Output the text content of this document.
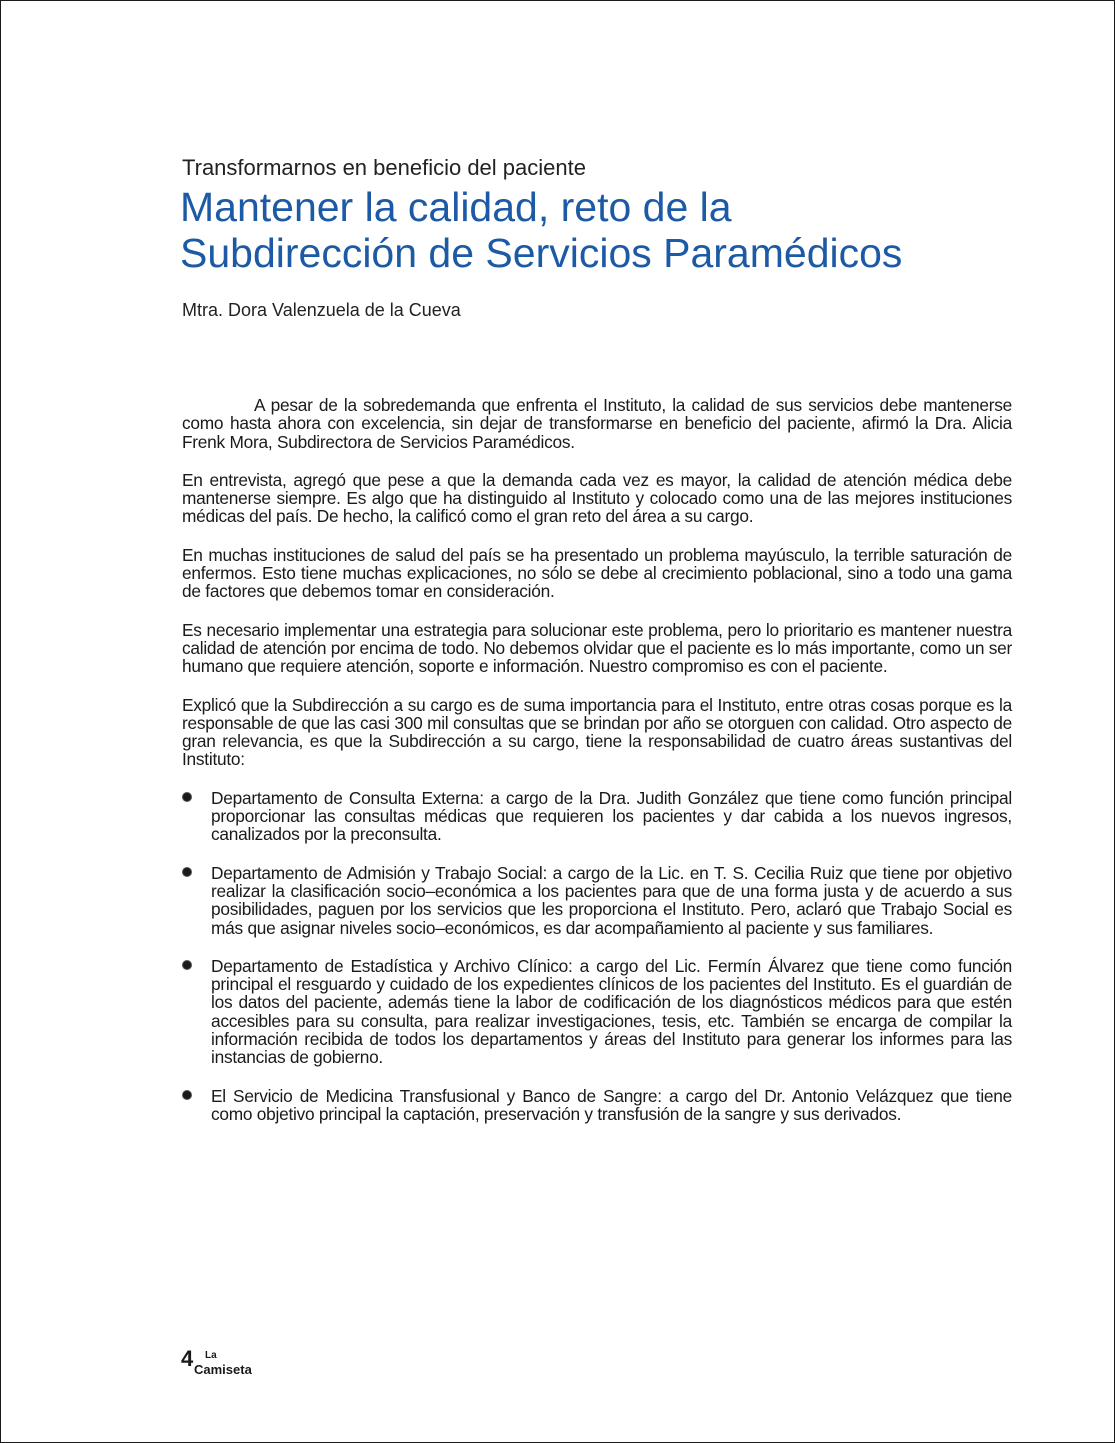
Transformarnos en beneficio del paciente
Mantener la calidad, reto de la
Subdirección de Servicios Paramédicos
Mtra. Dora Valenzuela de la Cueva

A pesar de la sobredemanda que enfrenta el Instituto, la calidad de sus servicios debe mantenerse como hasta ahora con excelencia, sin dejar de transformarse en beneficio del paciente, afirmó la Dra. Alicia Frenk Mora, Subdirectora de Servicios Paramédicos.

En entrevista, agregó que pese a que la demanda cada vez es mayor, la calidad de atención médica debe mantenerse siempre. Es algo que ha distinguido al Instituto y colocado como una de las mejores instituciones médicas del país. De hecho, la calificó como el gran reto del área a su cargo.

En muchas instituciones de salud del país se ha presentado un problema mayúsculo, la terrible saturación de enfermos. Esto tiene muchas explicaciones, no sólo se debe al crecimiento poblacional, sino a todo una gama de factores que debemos tomar en consideración.

Es necesario implementar una estrategia para solucionar este problema, pero lo prioritario es mantener nuestra calidad de atención por encima de todo. No debemos olvidar que el paciente es lo más importante, como un ser humano que requiere atención, soporte e información. Nuestro compromiso es con el paciente.

Explicó que la Subdirección a su cargo es de suma importancia para el Instituto, entre otras cosas porque es la responsable de que las casi 300 mil consultas que se brindan por año se otorguen con calidad. Otro aspecto de gran relevancia, es que la Subdirección a su cargo, tiene la responsabilidad de cuatro áreas sustantivas del Instituto:

Departamento de Consulta Externa: a cargo de la Dra. Judith González que tiene como función principal proporcionar las consultas médicas que requieren los pacientes y dar cabida a los nuevos ingresos, canalizados por la preconsulta.
Departamento de Admisión y Trabajo Social: a cargo de la Lic. en T. S. Cecilia Ruiz que tiene por objetivo realizar la clasificación socio–económica a los pacientes para que de una forma justa y de acuerdo a sus posibilidades, paguen por los servicios que les proporciona el Instituto. Pero, aclaró que Trabajo Social es más que asignar niveles socio–económicos, es dar acompañamiento al paciente y sus familiares.
Departamento de Estadística y Archivo Clínico: a cargo del Lic. Fermín Álvarez que tiene como función principal el resguardo y cuidado de los expedientes clínicos de los pacientes del Instituto. Es el guardián de los datos del paciente, además tiene la labor de codificación de los diagnósticos médicos para que estén accesibles para su consulta, para realizar investigaciones, tesis, etc. También se encarga de compilar la información recibida de todos los departamentos y áreas del Instituto para generar los informes para las instancias de gobierno.
El Servicio de Medicina Transfusional y Banco de Sangre: a cargo del Dr. Antonio Velázquez que tiene como objetivo principal la captación, preservación y transfusión de la sangre y sus derivados.
4 La
Camiseta
